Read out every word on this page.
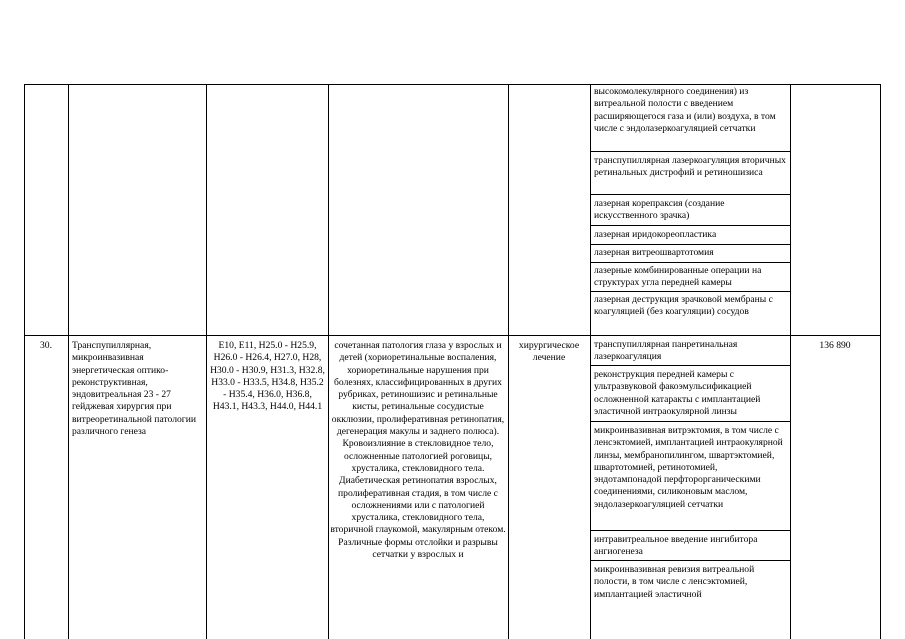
высокомолекулярного соединения) из витреальной полости с введением расширяющегося газа и (или) воздуха, в том числе с эндолазеркоагуляцией сетчатки
транспупиллярная лазеркоагуляция вторичных ретинальных дистрофий и ретиношизиса
лазерная корепраксия (создание искусственного зрачка)
лазерная иридокореопластика
лазерная витреошвартотомия
лазерные комбинированные операции на структурах угла передней камеры
лазерная деструкция зрачковой мембраны с коагуляцией (без коагуляции) сосудов
30.	Транспупиллярная, микроинвазивная энергетическая оптико-реконструктивная, эндовитреальная 23 - 27 гейджевая хирургия при витреоретинальной патологии различного генеза
E10, E11, H25.0 - H25.9, H26.0 - H26.4, H27.0, H28, H30.0 - H30.9, H31.3, H32.8, H33.0 - H33.5, H34.8, H35.2 - H35.4, H36.0, H36.8, H43.1, H43.3, H44.0, H44.1
сочетанная патология глаза у взрослых и детей (хориоретинальные воспаления, хориоретинальные нарушения при болезнях, классифицированных в других рубриках, ретиношизис и ретинальные кисты, ретинальные сосудистые окклюзии, пролиферативная ретинопатия, дегенерация макулы и заднего полюса). Кровоизлияние в стекловидное тело, осложненные патологией роговицы, хрусталика, стекловидного тела. Диабетическая ретинопатия взрослых, пролиферативная стадия, в том числе с осложнениями или с патологией хрусталика, стекловидного тела, вторичной глаукомой, макулярным отеком. Различные формы отслойки и разрывы сетчатки у взрослых и
хирургическое лечение
136 890
транспупиллярная панретинальная лазеркоагуляция
реконструкция передней камеры с ультразвуковой факоэмульсификацией осложненной катаракты с имплантацией эластичной интраокулярной линзы
микроинвазивная витрэктомия, в том числе с ленсэктомией, имплантацией интраокулярной линзы, мембранопилингом, швартэктомией, швартотомией, ретинотомией, эндотампонадой перфторорганическими соединениями, силиконовым маслом, эндолазеркоагуляцией сетчатки
интравитреальное введение ингибитора ангиогенеза
микроинвазивная ревизия витреальной полости, в том числе с ленсэктомией, имплантацией эластичной
